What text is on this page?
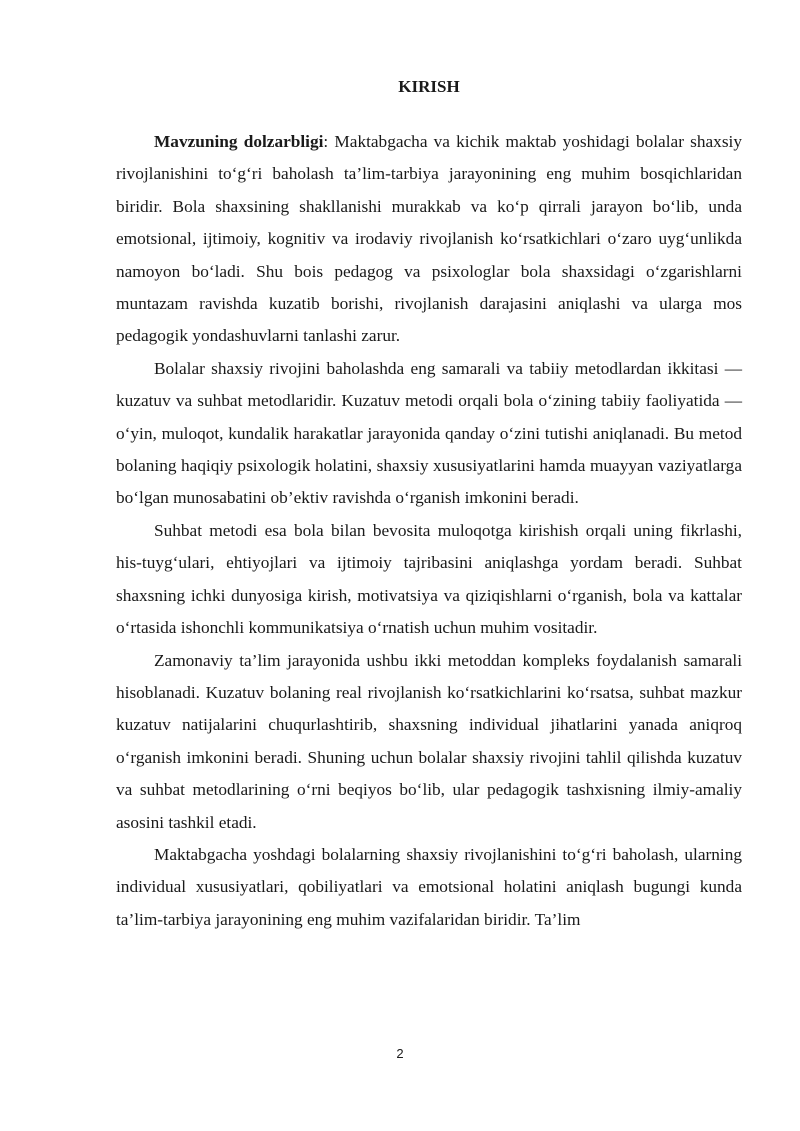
KIRISH

Mavzuning dolzarbligi: Maktabgacha va kichik maktab yoshidagi bolalar shaxsiy rivojlanishini to‘g‘ri baholash ta’lim-tarbiya jarayonining eng muhim bosqichlaridan biridir. Bola shaxsining shakllanishi murakkab va ko‘p qirrali jarayon bo‘lib, unda emotsional, ijtimoiy, kognitiv va irodaviy rivojlanish ko‘rsatkichlari o‘zaro uyg‘unlikda namoyon bo‘ladi. Shu bois pedagog va psixologlar bola shaxsidagi o‘zgarishlarni muntazam ravishda kuzatib borishi, rivojlanish darajasini aniqlashi va ularga mos pedagogik yondashuvlarni tanlashi zarur.

Bolalar shaxsiy rivojini baholashda eng samarali va tabiiy metodlardan ikkitasi — kuzatuv va suhbat metodlaridir. Kuzatuv metodi orqali bola o‘zining tabiiy faoliyatida — o‘yin, muloqot, kundalik harakatlar jarayonida qanday o‘zini tutishi aniqlanadi. Bu metod bolaning haqiqiy psixologik holatini, shaxsiy xususiyatlarini hamda muayyan vaziyatlarga bo‘lgan munosabatini ob’ektiv ravishda o‘rganish imkonini beradi.

Suhbat metodi esa bola bilan bevosita muloqotga kirishish orqali uning fikrlashi, his-tuyg‘ulari, ehtiyojlari va ijtimoiy tajribasini aniqlashga yordam beradi. Suhbat shaxsning ichki dunyosiga kirish, motivatsiya va qiziqishlarni o‘rganish, bola va kattalar o‘rtasida ishonchli kommunikatsiya o‘rnatish uchun muhim vositadir.

Zamonaviy ta’lim jarayonida ushbu ikki metoddan kompleks foydalanish samarali hisoblanadi. Kuzatuv bolaning real rivojlanish ko‘rsatkichlarini ko‘rsatsa, suhbat mazkur kuzatuv natijalarini chuqurlashtirib, shaxsning individual jihatlarini yanada aniqroq o‘rganish imkonini beradi. Shuning uchun bolalar shaxsiy rivojini tahlil qilishda kuzatuv va suhbat metodlarining o‘rni beqiyos bo‘lib, ular pedagogik tashxisning ilmiy-amaliy asosini tashkil etadi.

Maktabgacha yoshdagi bolalarning shaxsiy rivojlanishini to‘g‘ri baholash, ularning individual xususiyatlari, qobiliyatlari va emotsional holatini aniqlash bugungi kunda ta’lim-tarbiya jarayonining eng muhim vazifalaridan biridir. Ta’lim

2
